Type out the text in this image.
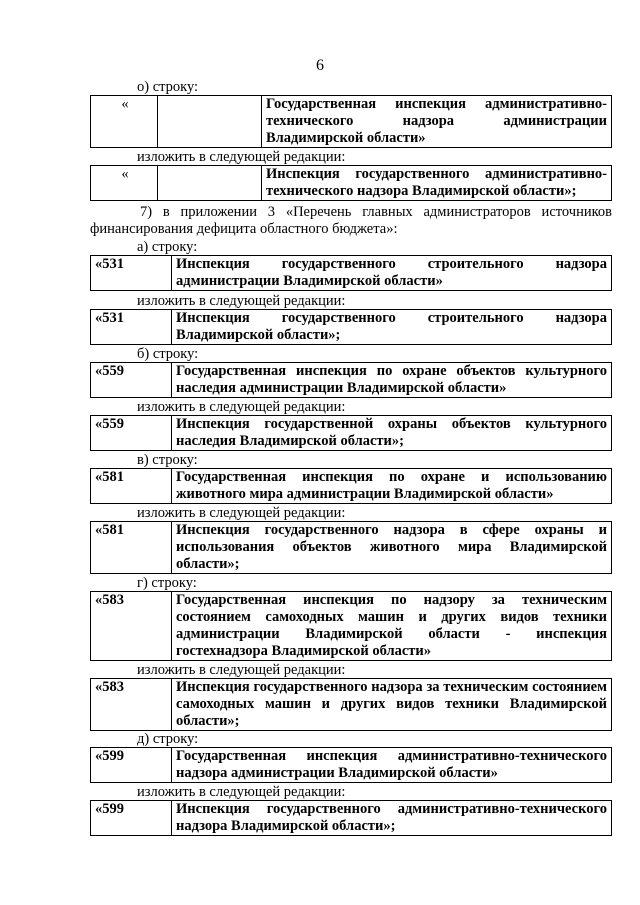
6
о) строку:
«		Государственная инспекция административно-технического надзора администрации Владимирской области»
изложить в следующей редакции:
«		Инспекция государственного административно-технического надзора Владимирской области»;
7) в приложении 3 «Перечень главных администраторов источников финансирования дефицита областного бюджета»:
а) строку:
«531	Инспекция государственного строительного надзора администрации Владимирской области»
изложить в следующей редакции:
«531	Инспекция государственного строительного надзора Владимирской области»;
б) строку:
«559	Государственная инспекция по охране объектов культурного наследия администрации Владимирской области»
изложить в следующей редакции:
«559	Инспекция государственной охраны объектов культурного наследия Владимирской области»;
в) строку:
«581	Государственная инспекция по охране и использованию животного мира администрации Владимирской области»
изложить в следующей редакции:
«581	Инспекция государственного надзора в сфере охраны и использования объектов животного мира Владимирской области»;
г) строку:
«583	Государственная инспекция по надзору за техническим состоянием самоходных машин и других видов техники администрации Владимирской области - инспекция гостехнадзора Владимирской области»
изложить в следующей редакции:
«583	Инспекция государственного надзора за техническим состоянием самоходных машин и других видов техники Владимирской области»;
д) строку:
«599	Государственная инспекция административно-технического надзора администрации Владимирской области»
изложить в следующей редакции:
«599	Инспекция государственного административно-технического надзора Владимирской области»;
